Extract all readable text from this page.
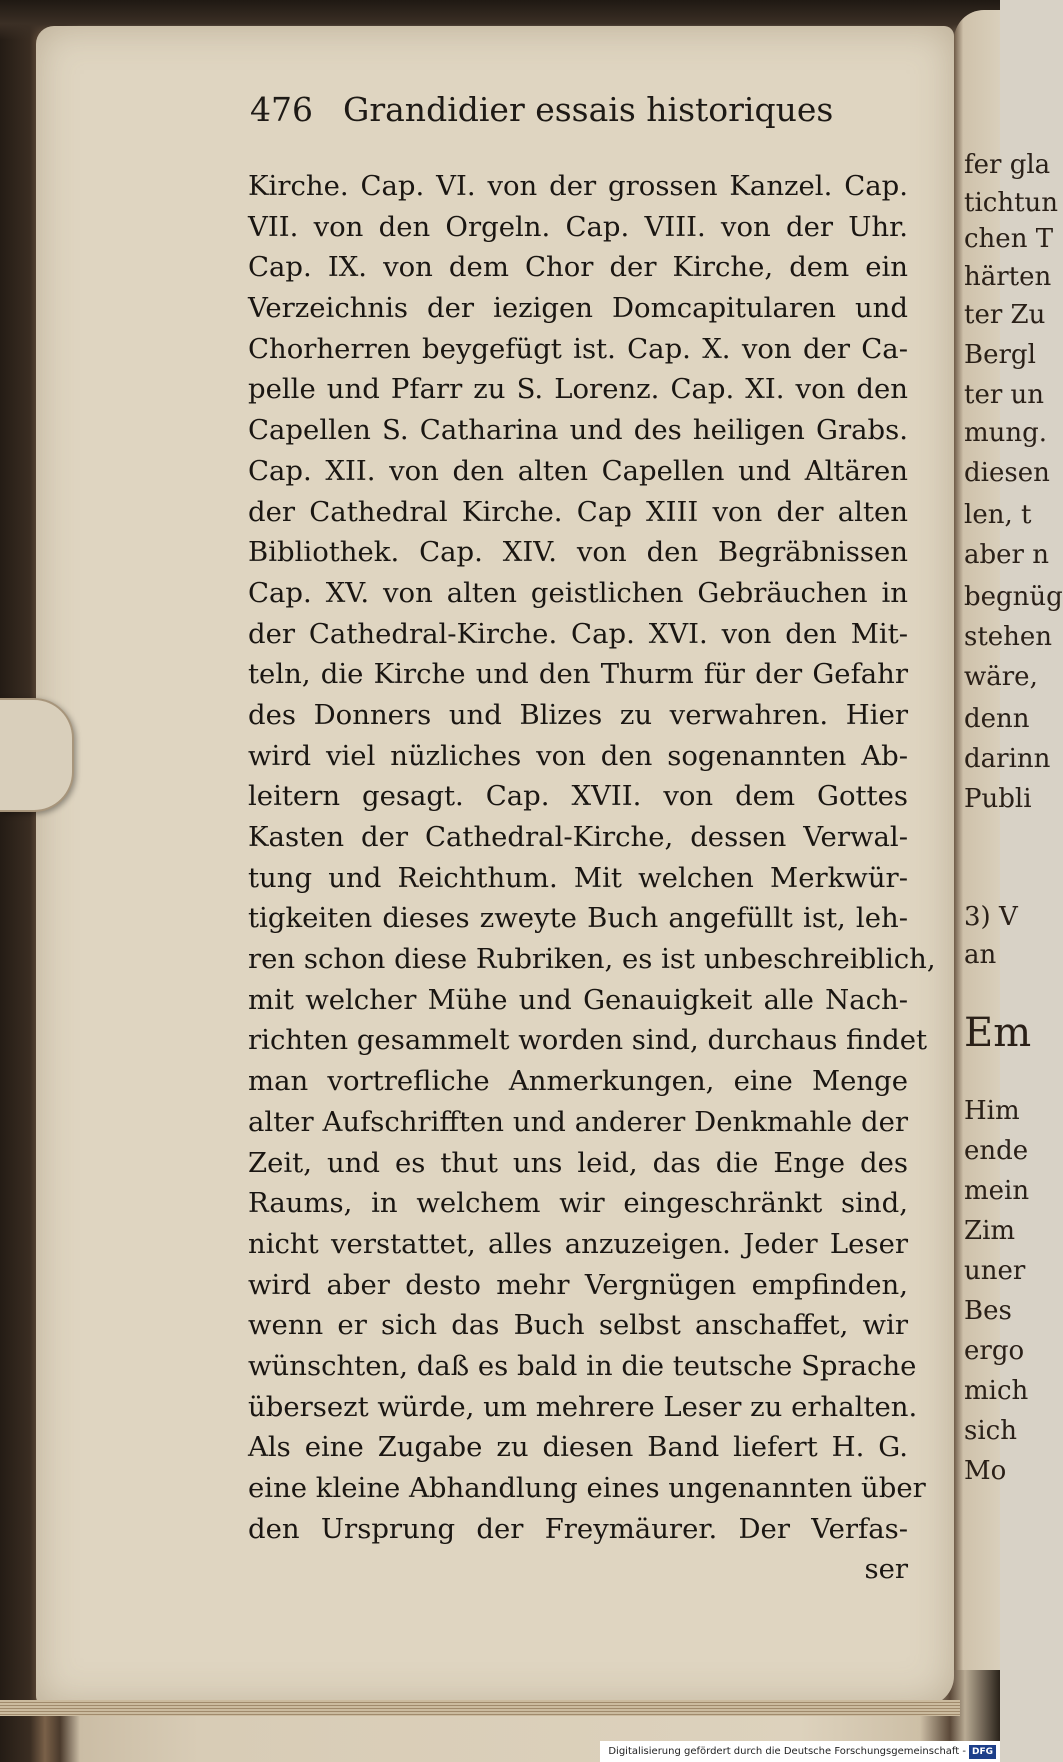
fer gla
tichtun
chen T
härten
ter Zu
Bergl
ter un
mung.
diesen
len, t
aber n
begnüg
stehen
wäre,
denn
darinn
Publi
3) V
an
Em
Him
ende
mein
Zim
uner
Bes
ergo
mich
sich
Mo
476 Grandidier essais historiques
Kirche. Cap. VI. von der grossen Kanzel. Cap.
VII. von den Orgeln. Cap. VIII. von der Uhr.
Cap. IX. von dem Chor der Kirche, dem ein
Verzeichnis der iezigen Domcapitularen und
Chorherren beygefügt ist. Cap. X. von der Ca-
pelle und Pfarr zu S. Lorenz. Cap. XI. von den
Capellen S. Catharina und des heiligen Grabs.
Cap. XII. von den alten Capellen und Altären
der Cathedral Kirche. Cap XIII von der alten
Bibliothek. Cap. XIV. von den Begräbnissen
Cap. XV. von alten geistlichen Gebräuchen in
der Cathedral-Kirche. Cap. XVI. von den Mit-
teln, die Kirche und den Thurm für der Gefahr
des Donners und Blizes zu verwahren. Hier
wird viel nüzliches von den sogenannten Ab-
leitern gesagt. Cap. XVII. von dem Gottes
Kasten der Cathedral-Kirche, dessen Verwal-
tung und Reichthum. Mit welchen Merkwür-
tigkeiten dieses zweyte Buch angefüllt ist, leh-
ren schon diese Rubriken, es ist unbeschreiblich,
mit welcher Mühe und Genauigkeit alle Nach-
richten gesammelt worden sind, durchaus findet
man vortrefliche Anmerkungen, eine Menge
alter Aufschrifften und anderer Denkmahle der
Zeit, und es thut uns leid, das die Enge des
Raums, in welchem wir eingeschränkt sind,
nicht verstattet, alles anzuzeigen. Jeder Leser
wird aber desto mehr Vergnügen empfinden,
wenn er sich das Buch selbst anschaffet, wir
wünschten, daß es bald in die teutsche Sprache
übersezt würde, um mehrere Leser zu erhalten.
Als eine Zugabe zu diesen Band liefert H. G.
eine kleine Abhandlung eines ungenannten über
den Ursprung der Freymäurer. Der Verfas-
ser
Digitalisierung gefördert durch die Deutsche Forschungsgemeinschaft - DFG
